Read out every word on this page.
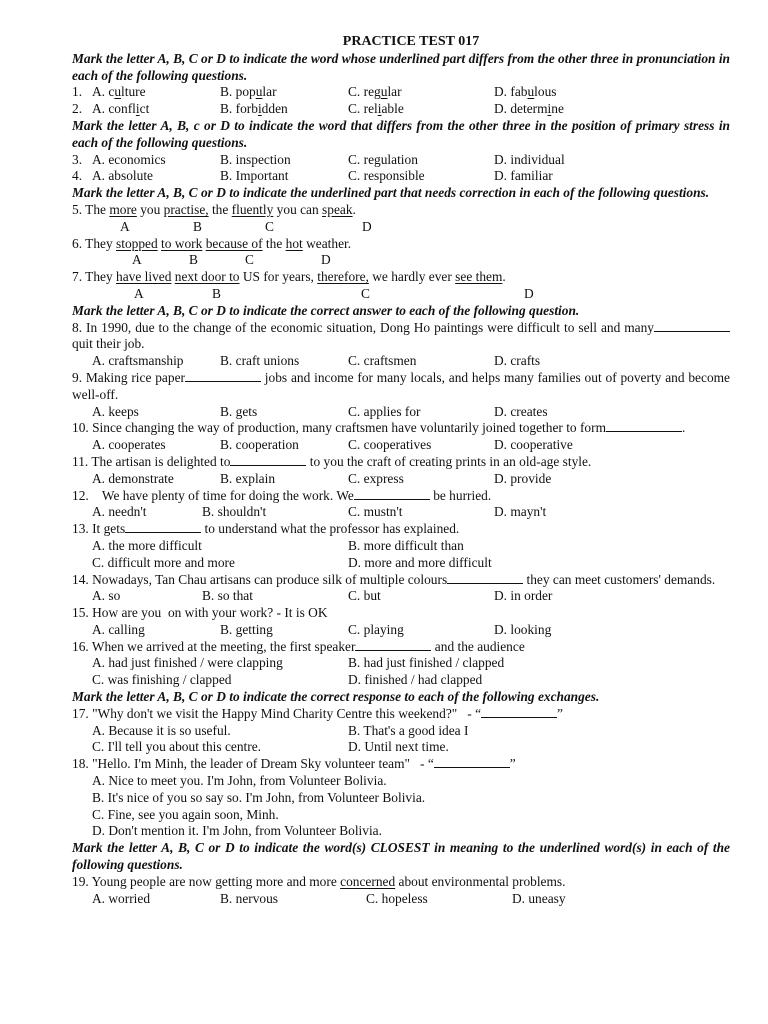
PRACTICE TEST 017
Mark the letter A, B, C or D to indicate the word whose underlined part differs from the other three in pronunciation in each of the following questions.
1. A. culture	B. popular	C. regular	D. fabulous
2. A. conflict	B. forbidden	C. reliable	D. determine
Mark the letter A, B, c or D to indicate the word that differs from the other three in the position of primary stress in each of the following questions.
3. A. economics	B. inspection	C. regulation	D. individual
4. A. absolute	B. Important	C. responsible	D. familiar
Mark the letter A, B, C or D to indicate the underlined part that needs correction in each of the following questions.
5. The more you practise, the fluently you can speak.
A	B	C	D
6. They stopped to work because of the hot weather.
A	B	C	D
7. They have lived next door to US for years, therefore, we hardly ever see them.
A	B	C	D
Mark the letter A, B, C or D to indicate the correct answer to each of the following question.
8. In 1990, due to the change of the economic situation, Dong Ho paintings were difficult to sell and many quit their job.
A. craftsmanship	B. craft unions	C. craftsmen	D. crafts
9. Making rice paper	jobs and income for many locals, and helps many families out of poverty and become well-off.
A. keeps	B. gets	C. applies for	D. creates
10. Since changing the way of production, many craftsmen have voluntarily joined together to form	.
A. cooperates	B. cooperation	C. cooperatives	D. cooperative
11. The artisan is delighted to	to you the craft of creating prints in an old-age style.
A. demonstrate	B. explain	C. express	D. provide
12.    We have plenty of time for doing the work. We	be hurried.
A. needn't	B. shouldn't	C. mustn't	D. mayn't
13. It gets	to understand what the professor has explained.
A. the more difficult	B. more difficult than
C. difficult more and more	D. more and more difficult
14. Nowadays, Tan Chau artisans can produce silk of multiple colours	they can meet customers' demands.
A. so	B. so that	C. but	D. in order
15. How are you  on with your work? - It is OK
A. calling	B. getting	C. playing	D. looking
16. When we arrived at the meeting, the first speaker	and the audience
A. had just finished / were clapping	B. had just finished / clapped
C. was finishing / clapped	D. finished / had clapped
Mark the letter A, B, C or D to indicate the correct response to each of the following exchanges.
17. "Why don't we visit the Happy Mind Charity Centre this weekend?"   - “	”
A. Because it is so useful.	B. That's a good idea I
C. I'll tell you about this centre.	D. Until next time.
18. "Hello. I'm Minh, the leader of Dream Sky volunteer team"   - “	”
A. Nice to meet you. I'm John, from Volunteer Bolivia.
B. It's nice of you so say so. I'm John, from Volunteer Bolivia.
C. Fine, see you again soon, Minh.
D. Don't mention it. I'm John, from Volunteer Bolivia.
Mark the letter A, B, C or D to indicate the word(s) CLOSEST in meaning to the underlined word(s) in each of the following questions.
19. Young people are now getting more and more concerned about environmental problems.
A. worried	B. nervous	C. hopeless	D. uneasy
